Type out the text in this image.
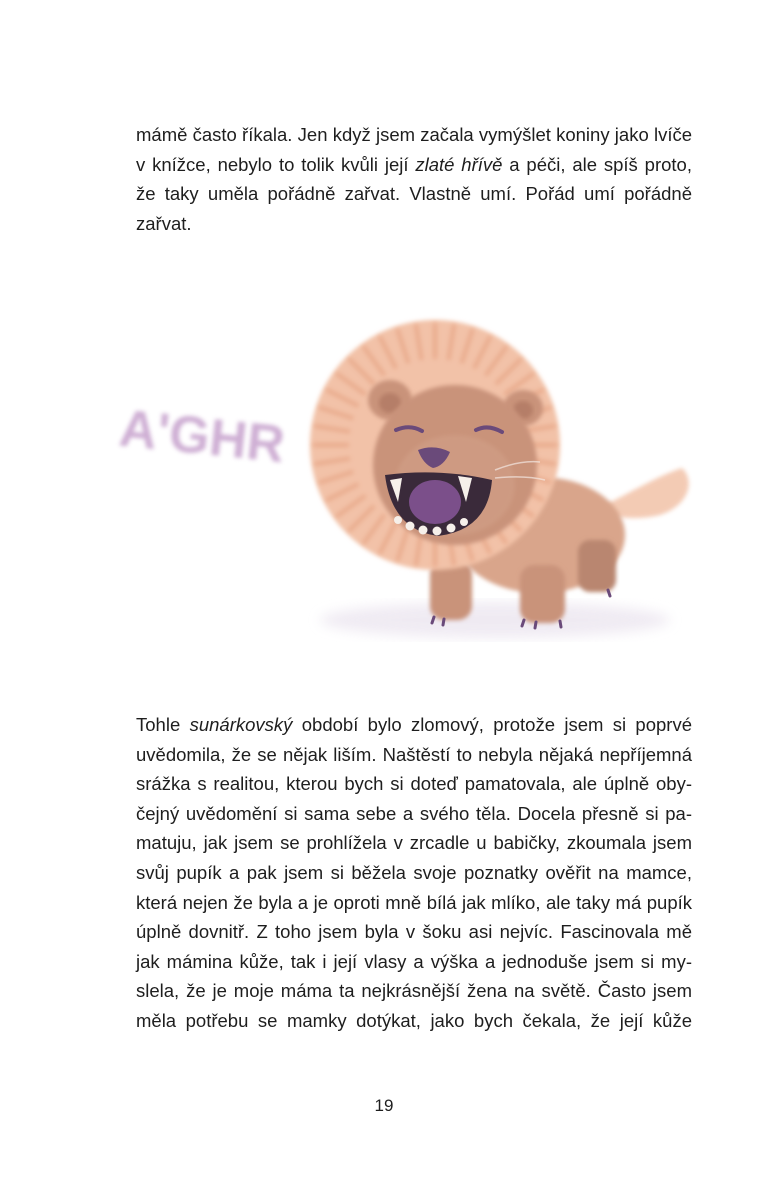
mámě často říkala. Jen když jsem začala vymýšlet koniny jako lvíče
v knížce, nebylo to tolik kvůli její zlaté hřívě a péči, ale spíš proto,
že taky uměla pořádně zařvat. Vlastně umí. Pořád umí pořádně
zařvat.
A'GHR
Tohle sunárkovský období bylo zlomový, protože jsem si poprvé
uvědomila, že se nějak liším. Naštěstí to nebyla nějaká nepříjemná
srážka s realitou, kterou bych si doteď pamatovala, ale úplně oby-
čejný uvědomění si sama sebe a svého těla. Docela přesně si pa-
matuju, jak jsem se prohlížela v zrcadle u babičky, zkoumala jsem
svůj pupík a pak jsem si běžela svoje poznatky ověřit na mamce,
která nejen že byla a je oproti mně bílá jak mlíko, ale taky má pupík
úplně dovnitř. Z toho jsem byla v šoku asi nejvíc. Fascinovala mě
jak mámina kůže, tak i její vlasy a výška a jednoduše jsem si my-
slela, že je moje máma ta nejkrásnější žena na světě. Často jsem
měla potřebu se mamky dotýkat, jako bych čekala, že její kůže
19
